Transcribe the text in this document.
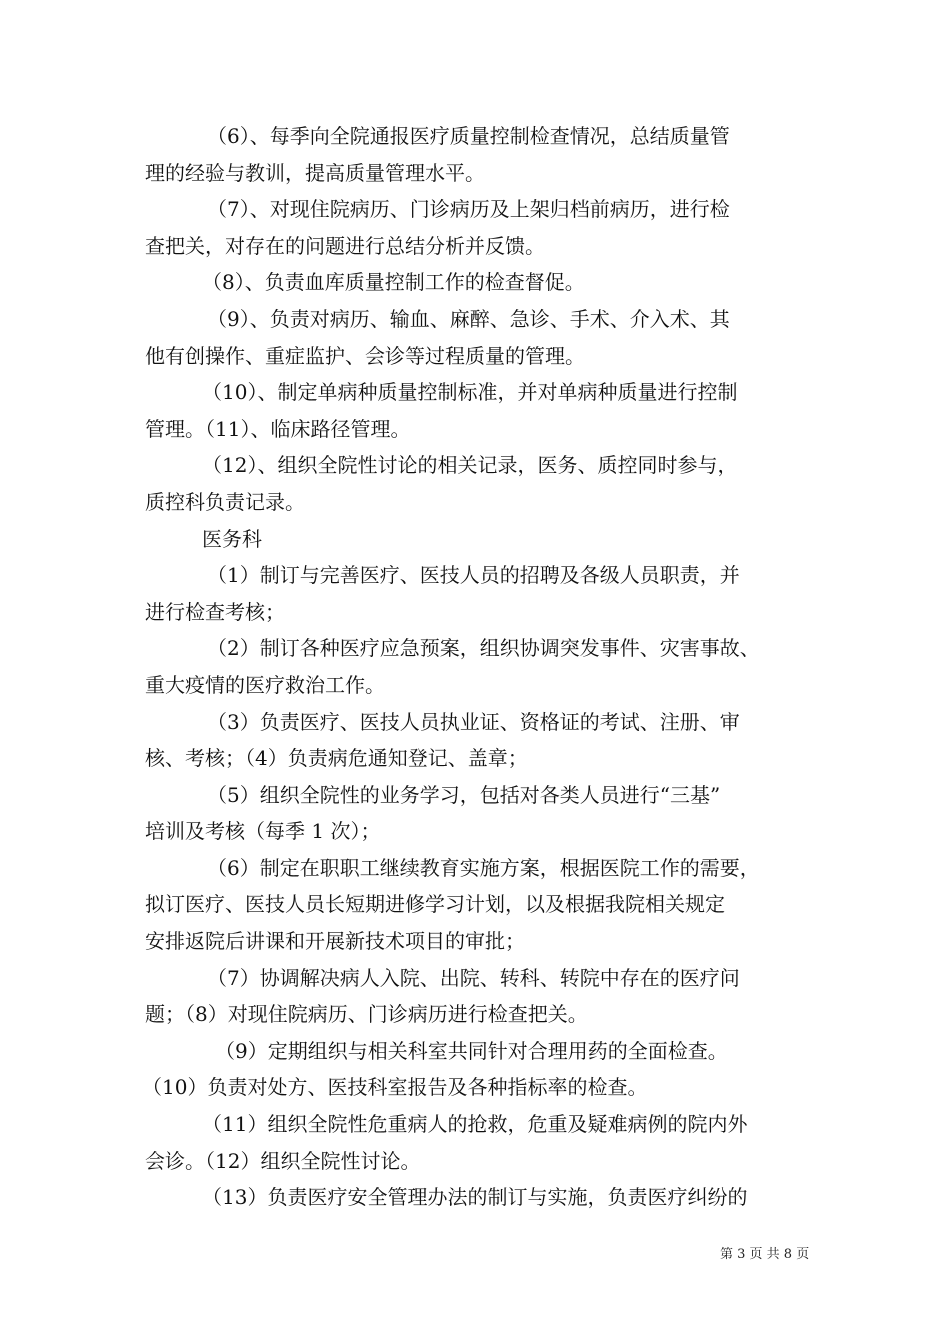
（6）、每季向全院通报医疗质量控制检查情况，总结质量管
理的经验与教训，提高质量管理水平。
（7）、对现住院病历、门诊病历及上架归档前病历，进行检
查把关，对存在的问题进行总结分析并反馈。
（8）、负责血库质量控制工作的检查督促。
（9）、负责对病历、输血、麻醉、急诊、手术、介入术、其
他有创操作、重症监护、会诊等过程质量的管理。
（10）、制定单病种质量控制标准，并对单病种质量进行控制
管理。（11）、临床路径管理。
（12）、组织全院性讨论的相关记录，医务、质控同时参与，
质控科负责记录。
医务科
（1）制订与完善医疗、医技人员的招聘及各级人员职责，并
进行检查考核；
（2）制订各种医疗应急预案，组织协调突发事件、灾害事故、
重大疫情的医疗救治工作。
（3）负责医疗、医技人员执业证、资格证的考试、注册、审
核、考核；（4）负责病危通知登记、盖章；
（5）组织全院性的业务学习，包括对各类人员进行“三基”
培训及考核（每季 1 次）；
（6）制定在职职工继续教育实施方案，根据医院工作的需要，
拟订医疗、医技人员长短期进修学习计划，以及根据我院相关规定
安排返院后讲课和开展新技术项目的审批；
（7）协调解决病人入院、出院、转科、转院中存在的医疗问
题；（8）对现住院病历、门诊病历进行检查把关。
（9）定期组织与相关科室共同针对合理用药的全面检查。
（10）负责对处方、医技科室报告及各种指标率的检查。
（11）组织全院性危重病人的抢救，危重及疑难病例的院内外
会诊。（12）组织全院性讨论。
（13）负责医疗安全管理办法的制订与实施，负责医疗纠纷的
第 3 页 共 8 页
